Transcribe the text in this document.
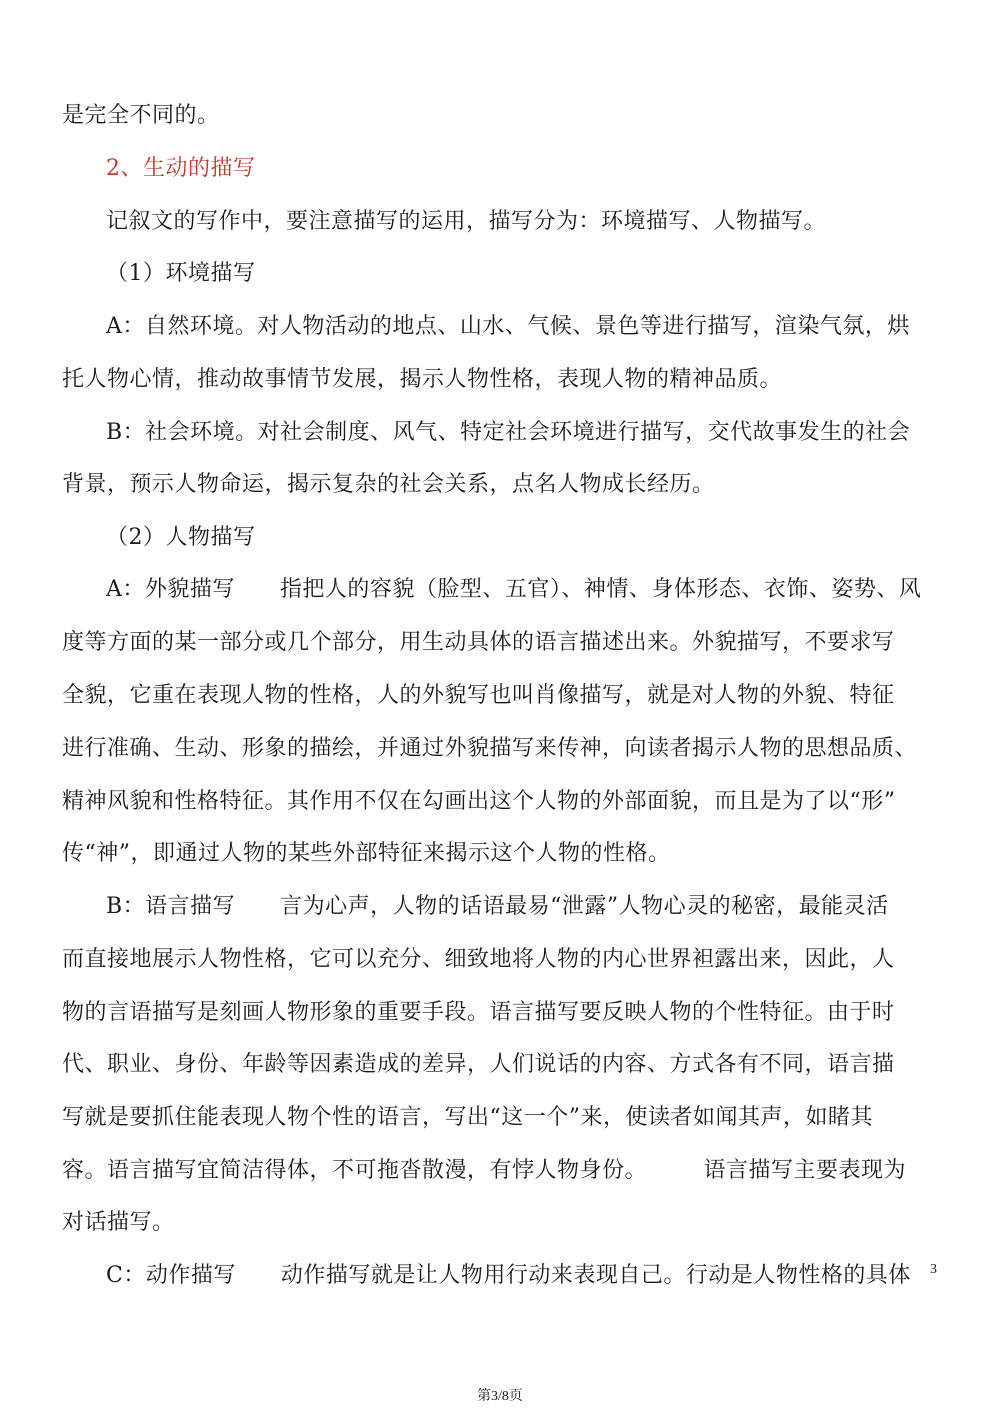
是完全不同的。
2、生动的描写
记叙文的写作中，要注意描写的运用，描写分为：环境描写、人物描写。
（1）环境描写
A：自然环境。对人物活动的地点、山水、气候、景色等进行描写，渲染气氛，烘
托人物心情，推动故事情节发展，揭示人物性格，表现人物的精神品质。
B：社会环境。对社会制度、风气、特定社会环境进行描写，交代故事发生的社会
背景，预示人物命运，揭示复杂的社会关系，点名人物成长经历。
（2）人物描写
A：外貌描写　　指把人的容貌（脸型、五官）、神情、身体形态、衣饰、姿势、风
度等方面的某一部分或几个部分，用生动具体的语言描述出来。外貌描写，不要求写
全貌，它重在表现人物的性格，人的外貌写也叫肖像描写，就是对人物的外貌、特征
进行准确、生动、形象的描绘，并通过外貌描写来传神，向读者揭示人物的思想品质、
精神风貌和性格特征。其作用不仅在勾画出这个人物的外部面貌，而且是为了以“形”
传“神”，即通过人物的某些外部特征来揭示这个人物的性格。
B：语言描写　　言为心声，人物的话语最易“泄露”人物心灵的秘密，最能灵活
而直接地展示人物性格，它可以充分、细致地将人物的内心世界袒露出来，因此，人
物的言语描写是刻画人物形象的重要手段。语言描写要反映人物的个性特征。由于时
代、职业、身份、年龄等因素造成的差异，人们说话的内容、方式各有不同，语言描
写就是要抓住能表现人物个性的语言，写出“这一个”来，使读者如闻其声，如睹其
容。语言描写宜简洁得体，不可拖沓散漫，有悖人物身份。　　　语言描写主要表现为
对话描写。
C：动作描写　　动作描写就是让人物用行动来表现自己。行动是人物性格的具体 3
第3/8页
